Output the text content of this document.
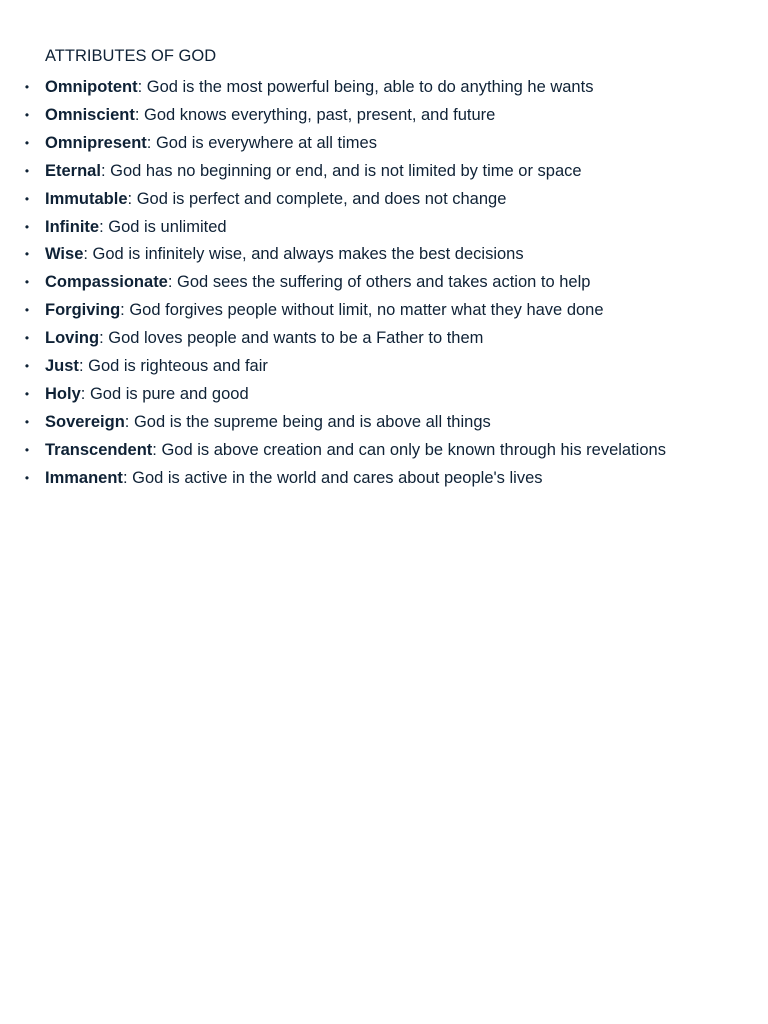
ATTRIBUTES OF GOD
• Omnipotent: God is the most powerful being, able to do anything he wants
• Omniscient: God knows everything, past, present, and future
• Omnipresent: God is everywhere at all times
• Eternal: God has no beginning or end, and is not limited by time or space
• Immutable: God is perfect and complete, and does not change
• Infinite: God is unlimited
• Wise: God is infinitely wise, and always makes the best decisions
• Compassionate: God sees the suffering of others and takes action to help
• Forgiving: God forgives people without limit, no matter what they have done
• Loving: God loves people and wants to be a Father to them
• Just: God is righteous and fair
• Holy: God is pure and good
• Sovereign: God is the supreme being and is above all things
• Transcendent: God is above creation and can only be known through his revelations
• Immanent: God is active in the world and cares about people's lives
